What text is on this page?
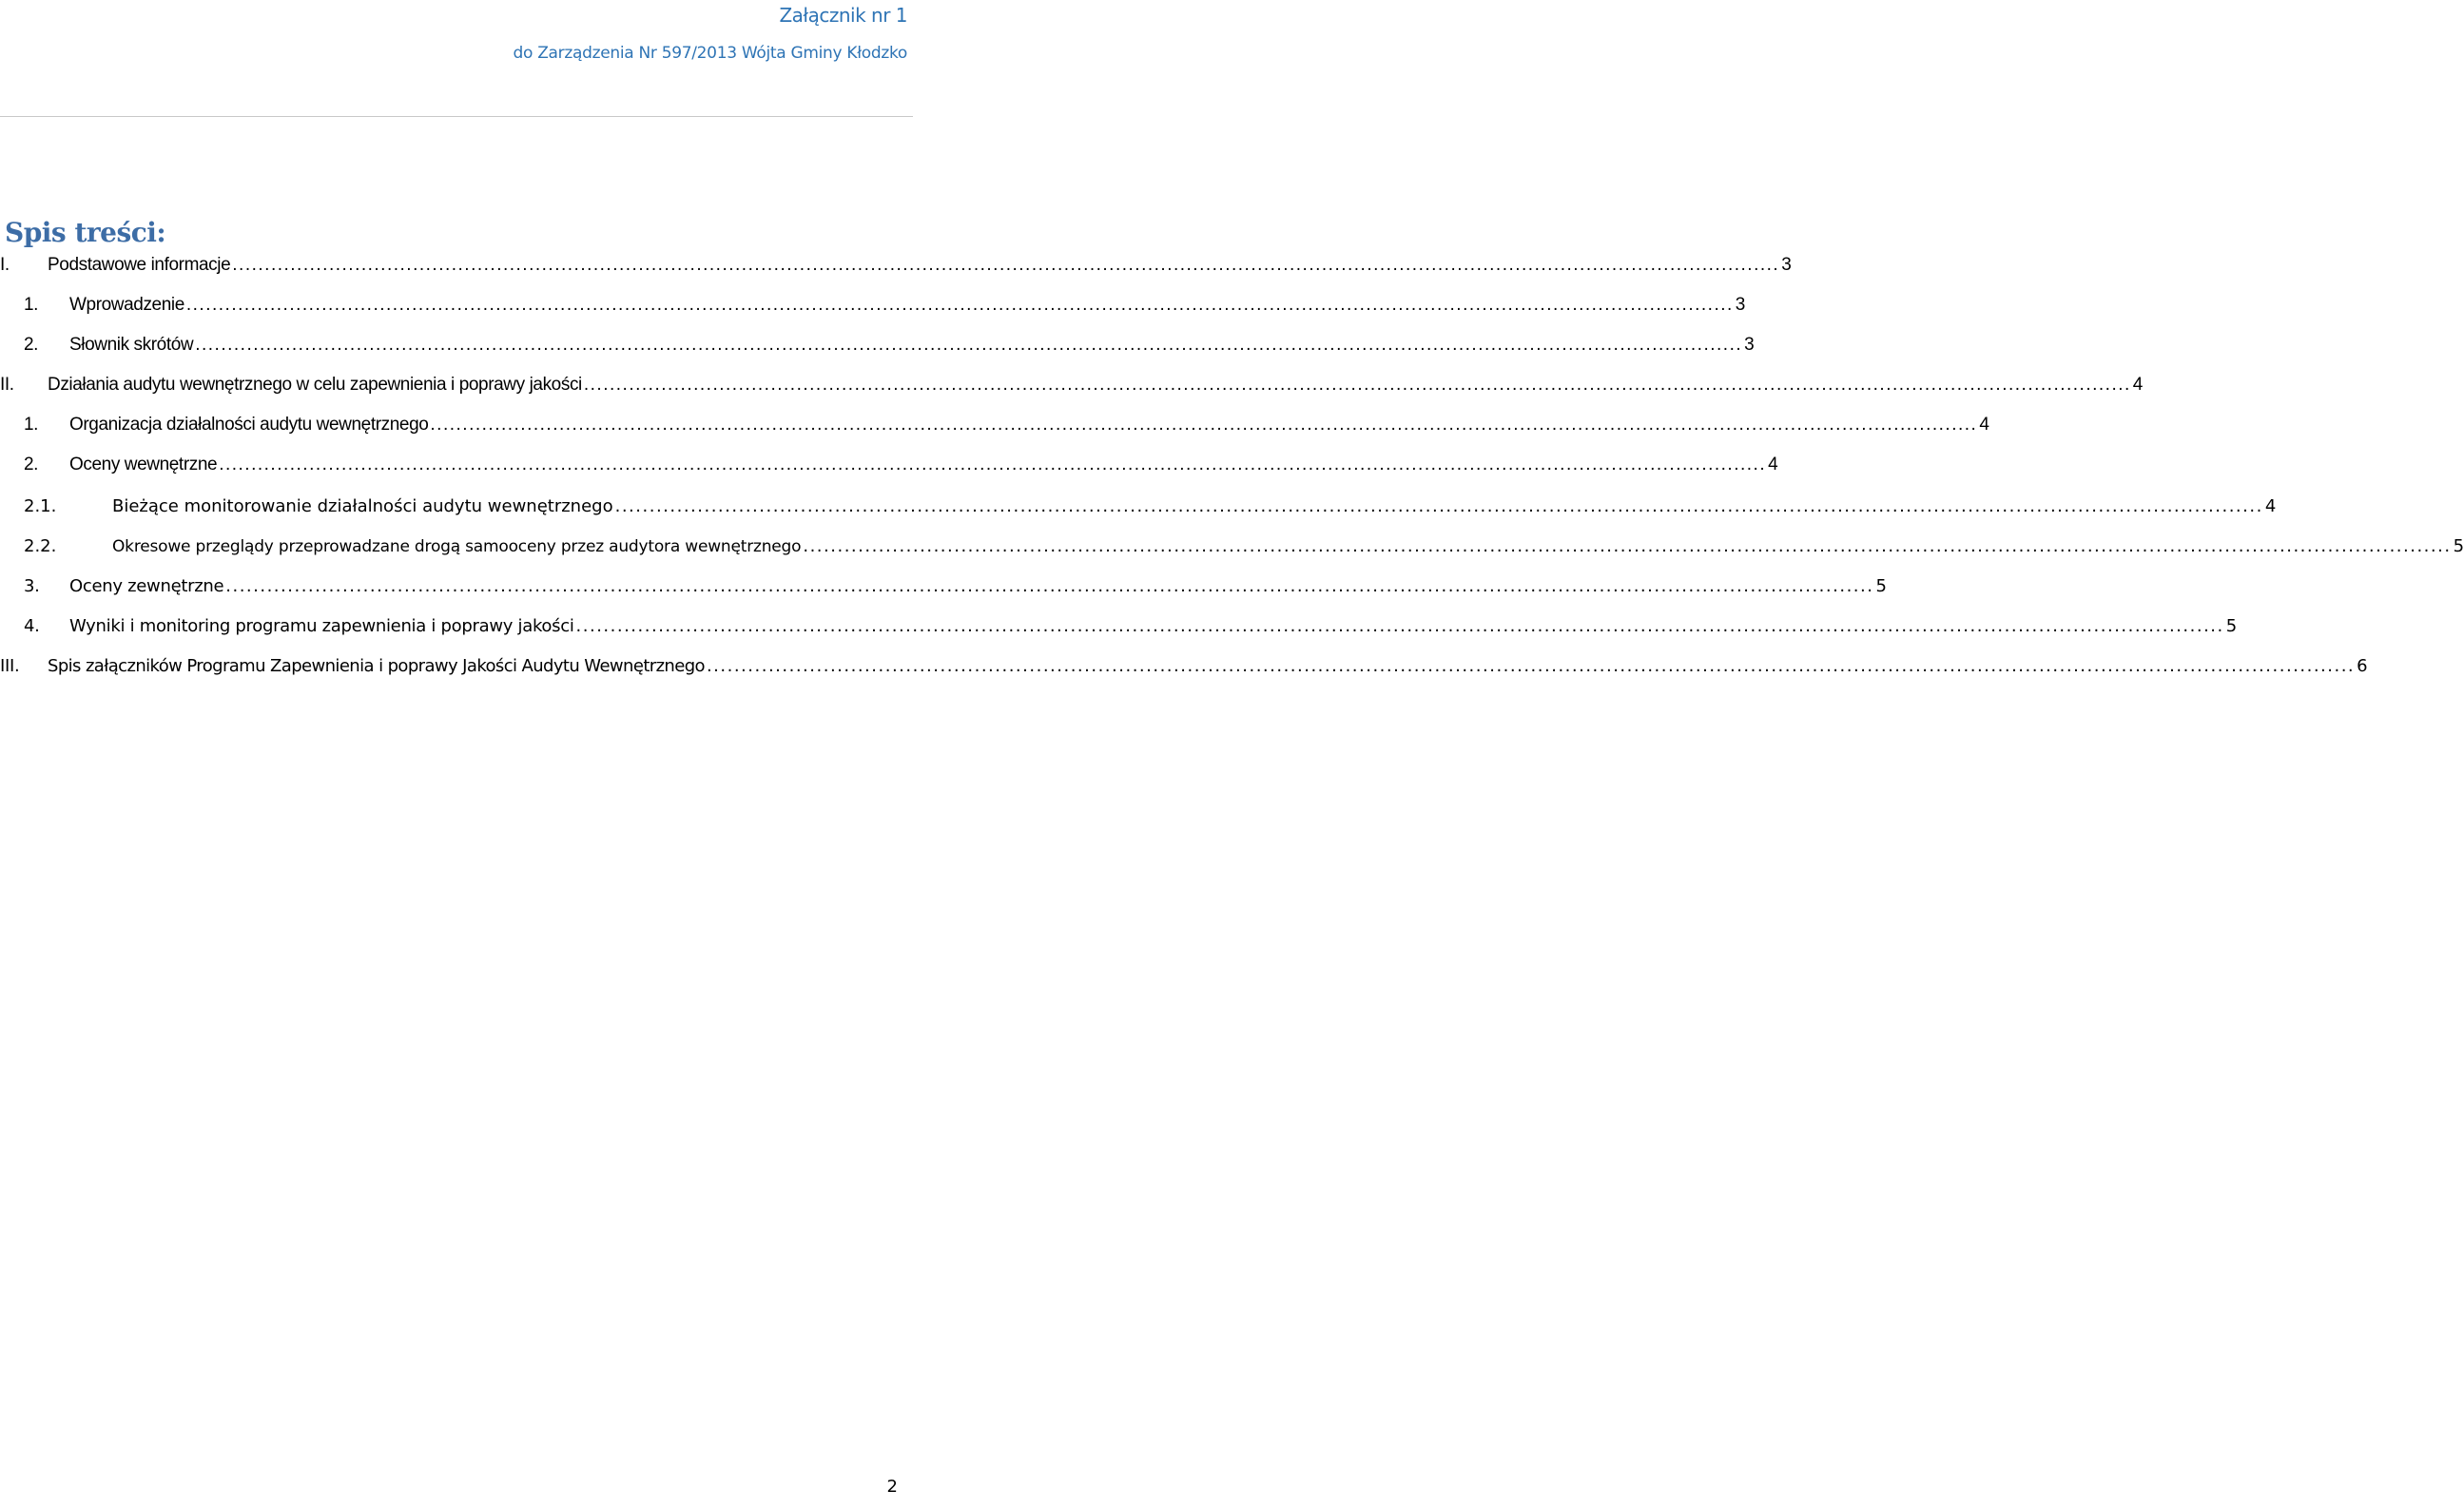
Załącznik nr 1
do Zarządzenia Nr 597/2013 Wójta Gminy Kłodzko
Spis treści:
I.	Podstawowe informacje .....	3
1.	Wprowadzenie .....	3
2.	Słownik skrótów .....	3
II.	Działania audytu wewnętrznego w celu zapewnienia i poprawy jakości .....	4
1.	Organizacja działalności audytu wewnętrznego .....	4
2.	Oceny wewnętrzne .....	4
2.1.	Bieżące monitorowanie działalności audytu wewnętrznego .....	4
2.2.	Okresowe przeglądy przeprowadzane drogą samooceny przez audytora wewnętrznego .....	5
3.	Oceny zewnętrzne .....	5
4.	Wyniki i monitoring programu zapewnienia i poprawy jakości .....	5
III.	Spis załączników Programu Zapewnienia i poprawy Jakości Audytu Wewnętrznego .....	6
2
